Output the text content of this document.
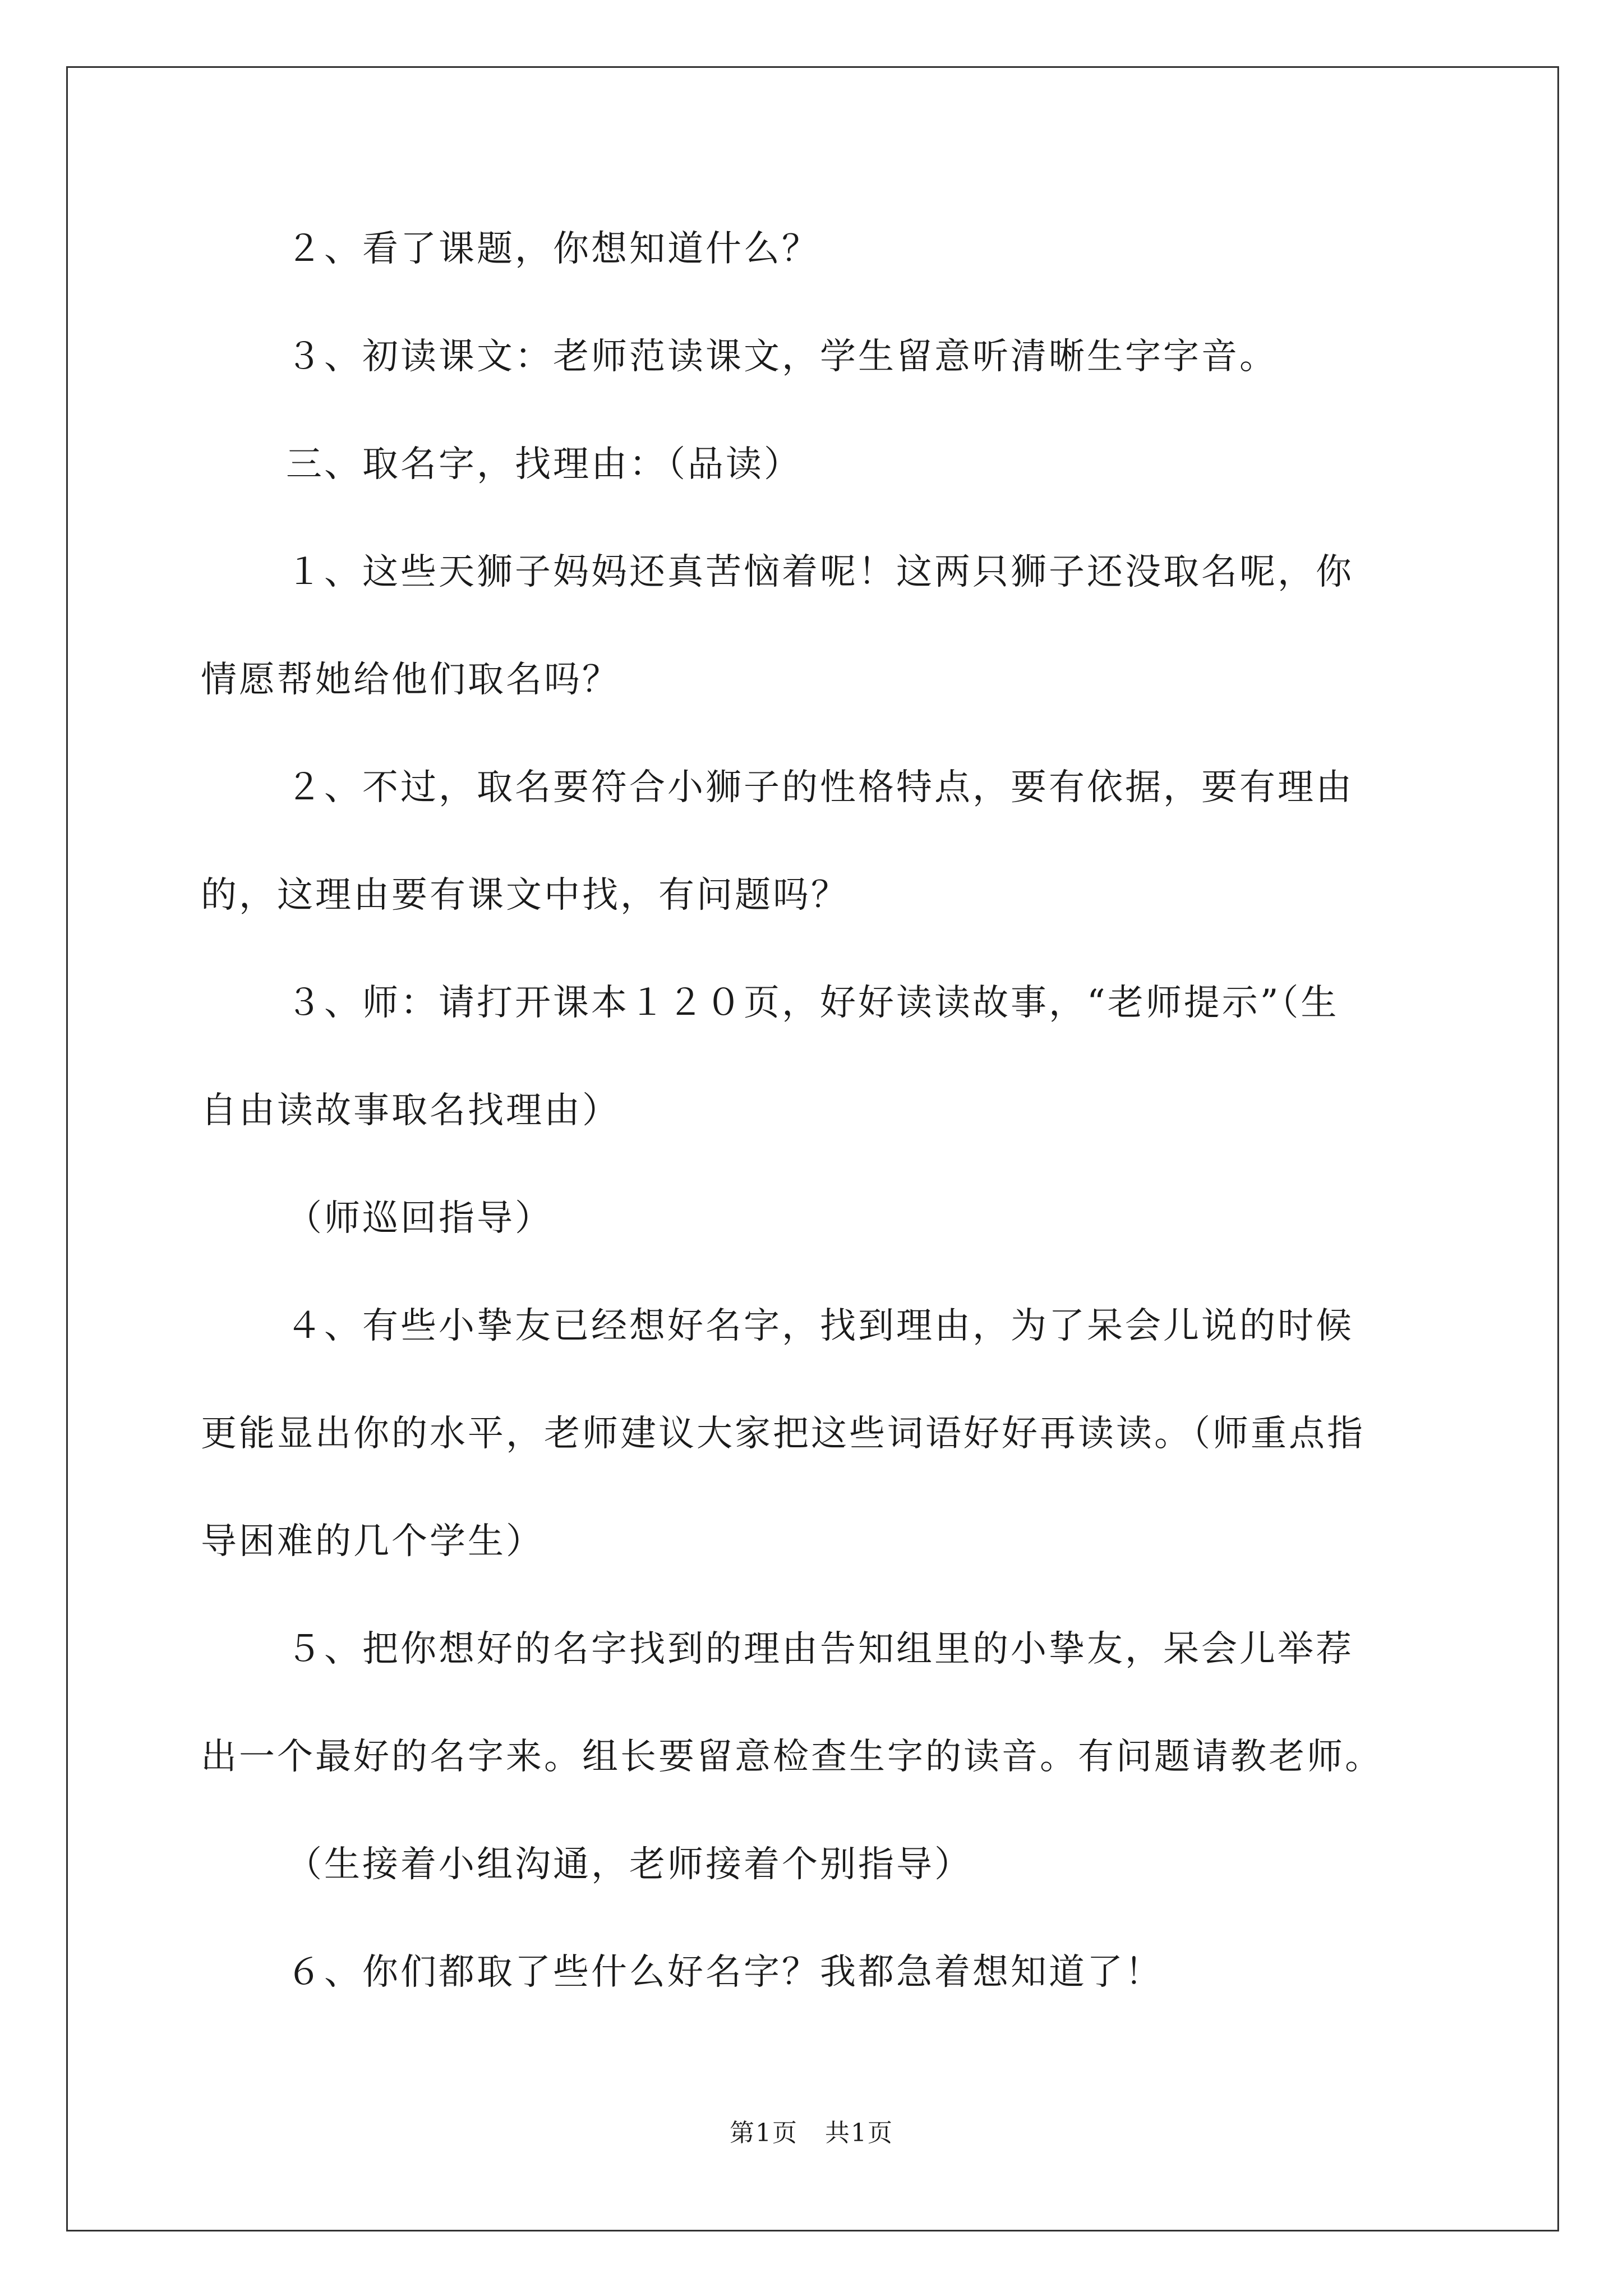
２、看了课题，你想知道什么？
３、初读课文：老师范读课文，学生留意听清晰生字字音。
三、取名字，找理由：（品读）
１、这些天狮子妈妈还真苦恼着呢！这两只狮子还没取名呢，你
情愿帮她给他们取名吗？
２、不过，取名要符合小狮子的性格特点，要有依据，要有理由
的，这理由要有课文中找，有问题吗？
３、师：请打开课本１２０页，好好读读故事，“老师提示”（生
自由读故事取名找理由）
（师巡回指导）
４、有些小挚友已经想好名字，找到理由，为了呆会儿说的时候
更能显出你的水平，老师建议大家把这些词语好好再读读。（师重点指
导困难的几个学生）
５、把你想好的名字找到的理由告知组里的小挚友，呆会儿举荐
出一个最好的名字来。组长要留意检查生字的读音。有问题请教老师。
（生接着小组沟通，老师接着个别指导）
６、你们都取了些什么好名字？我都急着想知道了！
第1页 共1页
